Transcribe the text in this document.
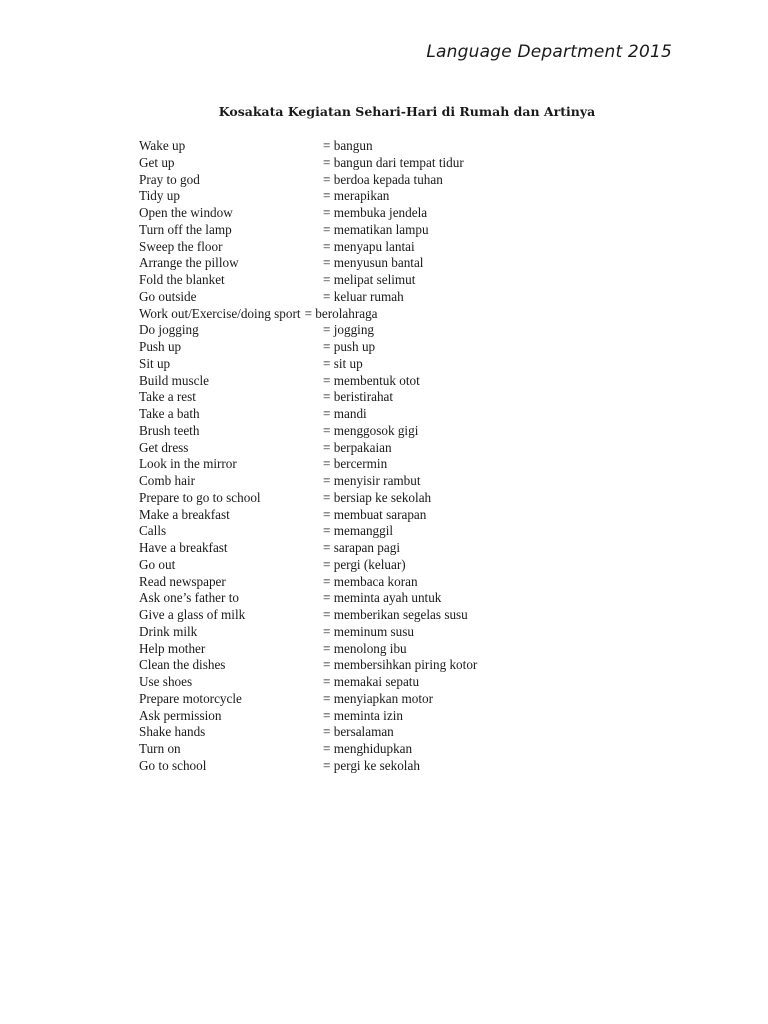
Language Department 2015
Kosakata Kegiatan Sehari-Hari di Rumah dan Artinya
Wake up	= bangun
Get up	= bangun dari tempat tidur
Pray to god	= berdoa kepada tuhan
Tidy up	= merapikan
Open the window	= membuka jendela
Turn off the lamp	= mematikan lampu
Sweep the floor	= menyapu lantai
Arrange the pillow	= menyusun bantal
Fold the blanket	= melipat selimut
Go outside	= keluar rumah
Work out/Exercise/doing sport = berolahraga
Do jogging	= jogging
Push up	= push up
Sit up	= sit up
Build muscle	= membentuk otot
Take a rest	= beristirahat
Take a bath	= mandi
Brush teeth	= menggosok gigi
Get dress	= berpakaian
Look in the mirror	= bercermin
Comb hair	= menyisir rambut
Prepare to go to school	= bersiap ke sekolah
Make a breakfast	= membuat sarapan
Calls	= memanggil
Have a breakfast	= sarapan pagi
Go out	= pergi (keluar)
Read newspaper	= membaca koran
Ask one’s father to	= meminta ayah untuk
Give a glass of milk	= memberikan segelas susu
Drink milk	= meminum susu
Help mother	= menolong ibu
Clean the dishes	= membersihkan piring kotor
Use shoes	= memakai sepatu
Prepare motorcycle	= menyiapkan motor
Ask permission	= meminta izin
Shake hands	= bersalaman
Turn on	= menghidupkan
Go to school	= pergi ke sekolah
